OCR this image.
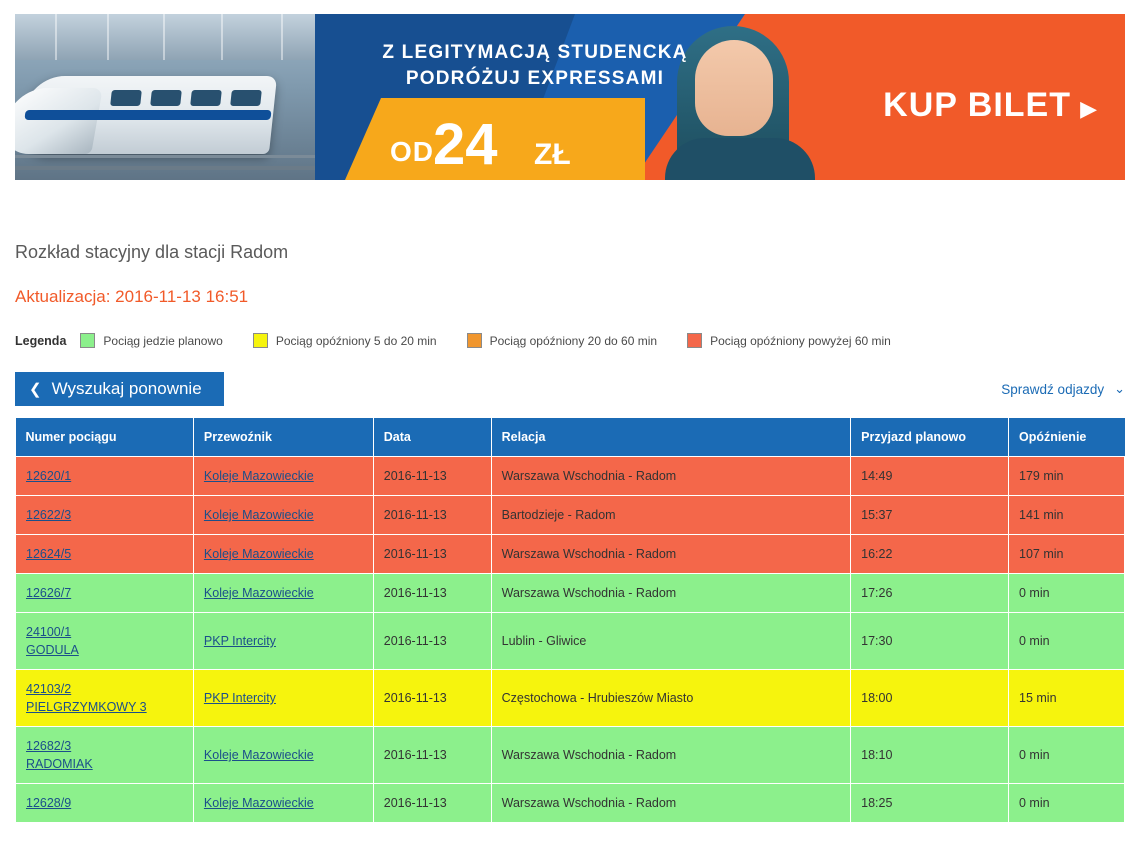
Z LEGITYMACJĄ STUDENCKĄ
PODRÓŻUJ EXPRESSAMI
OD 24 ZŁ
KUP BILET ▶
Rozkład stacyjny dla stacji Radom
Aktualizacja: 2016-11-13 16:51
Legenda	Pociąg jedzie planowo	Pociąg opóźniony 5 do 20 min	Pociąg opóźniony 20 do 60 min	Pociąg opóźniony powyżej 60 min
❮ Wyszukaj ponownie	Sprawdź odjazdy ⌄
Numer pociągu	Przewoźnik	Data	Relacja	Przyjazd planowo	Opóźnienie
12620/1	Koleje Mazowieckie	2016-11-13	Warszawa Wschodnia - Radom	14:49	179 min
12622/3	Koleje Mazowieckie	2016-11-13	Bartodzieje - Radom	15:37	141 min
12624/5	Koleje Mazowieckie	2016-11-13	Warszawa Wschodnia - Radom	16:22	107 min
12626/7	Koleje Mazowieckie	2016-11-13	Warszawa Wschodnia - Radom	17:26	0 min
24100/1
GODULA	PKP Intercity	2016-11-13	Lublin - Gliwice	17:30	0 min
42103/2
PIELGRZYMKOWY 3	PKP Intercity	2016-11-13	Częstochowa - Hrubieszów Miasto	18:00	15 min
12682/3
RADOMIAK	Koleje Mazowieckie	2016-11-13	Warszawa Wschodnia - Radom	18:10	0 min
12628/9	Koleje Mazowieckie	2016-11-13	Warszawa Wschodnia - Radom	18:25	0 min
